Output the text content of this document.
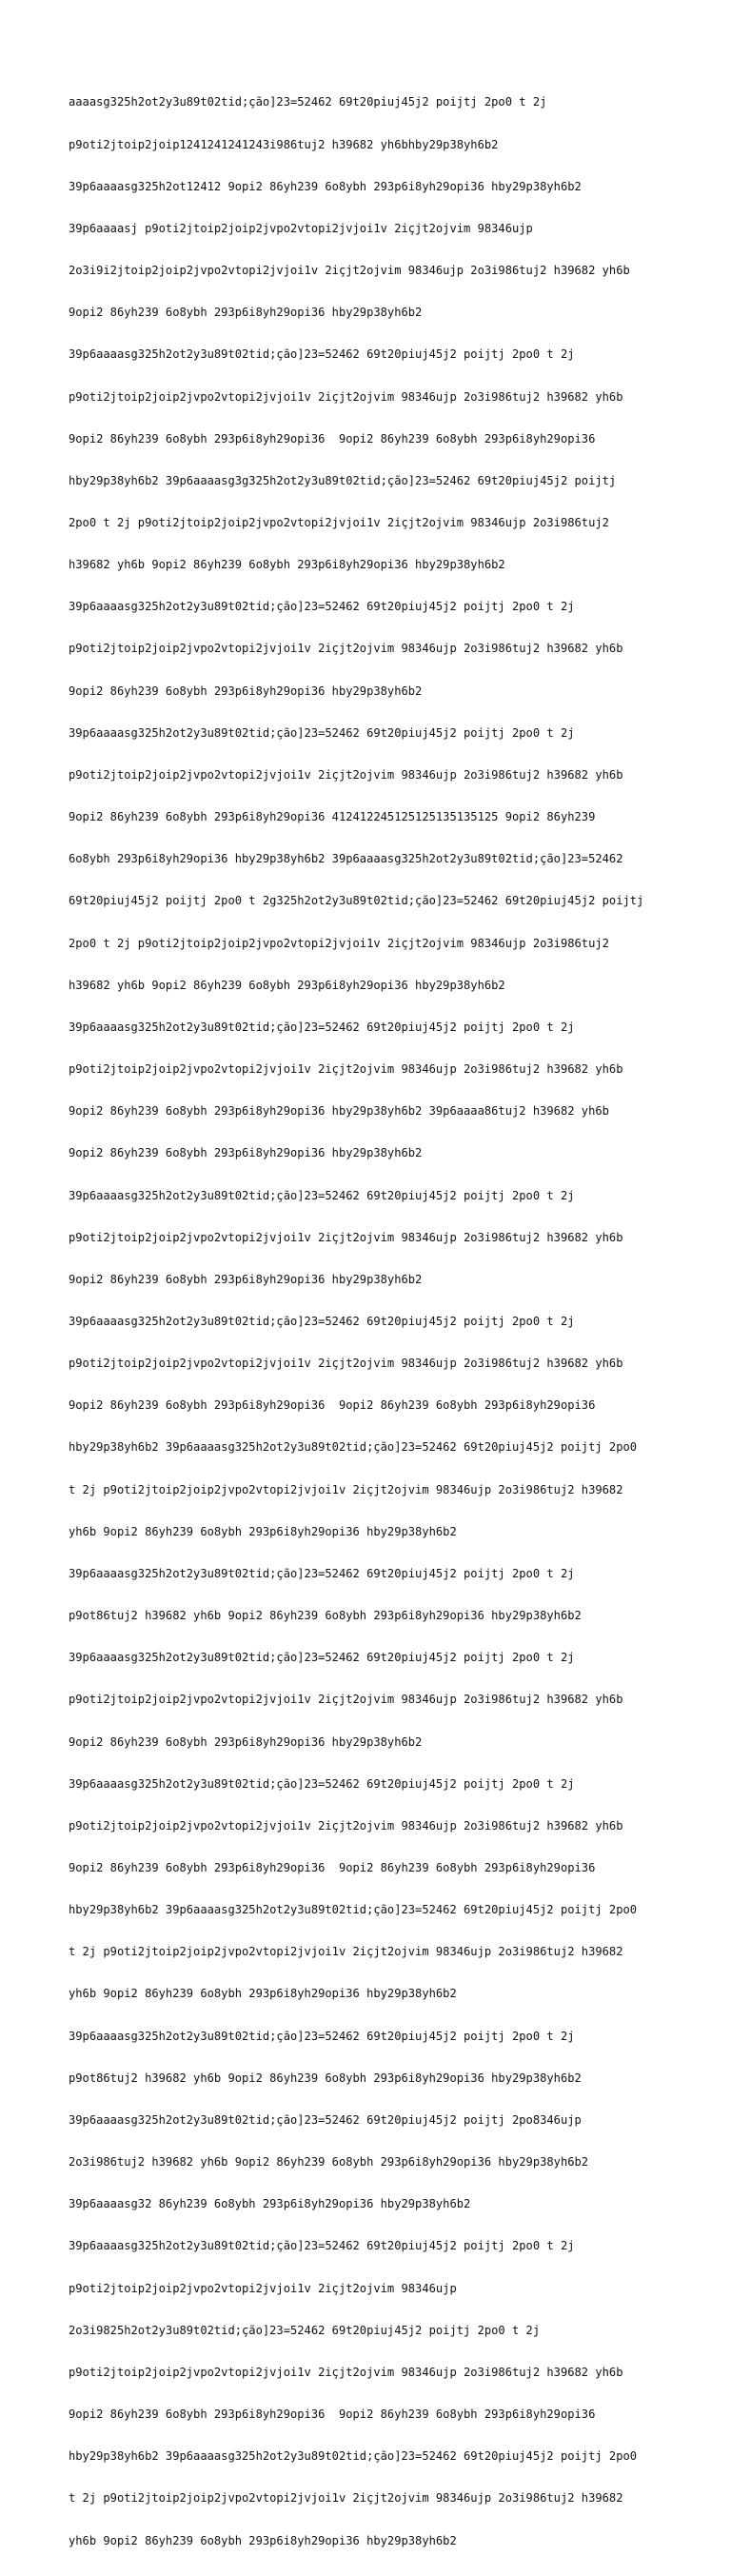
aaaasg325h2ot2y3u89t02tid;ção]23=52462 69t20piuj45j2 poijtj 2po0 t 2j

p9oti2jtoip2joip1241241241243i986tuj2 h39682 yh6bhby29p38yh6b2

39p6aaaasg325h2ot12412 9opi2 86yh239 6o8ybh 293p6i8yh29opi36 hby29p38yh6b2

39p6aaaasj p9oti2jtoip2joip2jvpo2vtopi2jvjoi1v 2içjt2ojvim 98346ujp

2o3i9i2jtoip2joip2jvpo2vtopi2jvjoi1v 2içjt2ojvim 98346ujp 2o3i986tuj2 h39682 yh6b

9opi2 86yh239 6o8ybh 293p6i8yh29opi36 hby29p38yh6b2

39p6aaaasg325h2ot2y3u89t02tid;ção]23=52462 69t20piuj45j2 poijtj 2po0 t 2j

p9oti2jtoip2joip2jvpo2vtopi2jvjoi1v 2içjt2ojvim 98346ujp 2o3i986tuj2 h39682 yh6b

9opi2 86yh239 6o8ybh 293p6i8yh29opi36  9opi2 86yh239 6o8ybh 293p6i8yh29opi36

hby29p38yh6b2 39p6aaaasg3g325h2ot2y3u89t02tid;ção]23=52462 69t20piuj45j2 poijtj

2po0 t 2j p9oti2jtoip2joip2jvpo2vtopi2jvjoi1v 2içjt2ojvim 98346ujp 2o3i986tuj2

h39682 yh6b 9opi2 86yh239 6o8ybh 293p6i8yh29opi36 hby29p38yh6b2

39p6aaaasg325h2ot2y3u89t02tid;ção]23=52462 69t20piuj45j2 poijtj 2po0 t 2j

p9oti2jtoip2joip2jvpo2vtopi2jvjoi1v 2içjt2ojvim 98346ujp 2o3i986tuj2 h39682 yh6b

9opi2 86yh239 6o8ybh 293p6i8yh29opi36 hby29p38yh6b2

39p6aaaasg325h2ot2y3u89t02tid;ção]23=52462 69t20piuj45j2 poijtj 2po0 t 2j

p9oti2jtoip2joip2jvpo2vtopi2jvjoi1v 2içjt2ojvim 98346ujp 2o3i986tuj2 h39682 yh6b

9opi2 86yh239 6o8ybh 293p6i8yh29opi36 412412245125125135135125 9opi2 86yh239

6o8ybh 293p6i8yh29opi36 hby29p38yh6b2 39p6aaaasg325h2ot2y3u89t02tid;ção]23=52462

69t20piuj45j2 poijtj 2po0 t 2g325h2ot2y3u89t02tid;ção]23=52462 69t20piuj45j2 poijtj

2po0 t 2j p9oti2jtoip2joip2jvpo2vtopi2jvjoi1v 2içjt2ojvim 98346ujp 2o3i986tuj2

h39682 yh6b 9opi2 86yh239 6o8ybh 293p6i8yh29opi36 hby29p38yh6b2

39p6aaaasg325h2ot2y3u89t02tid;ção]23=52462 69t20piuj45j2 poijtj 2po0 t 2j

p9oti2jtoip2joip2jvpo2vtopi2jvjoi1v 2içjt2ojvim 98346ujp 2o3i986tuj2 h39682 yh6b

9opi2 86yh239 6o8ybh 293p6i8yh29opi36 hby29p38yh6b2 39p6aaaa86tuj2 h39682 yh6b

9opi2 86yh239 6o8ybh 293p6i8yh29opi36 hby29p38yh6b2

39p6aaaasg325h2ot2y3u89t02tid;ção]23=52462 69t20piuj45j2 poijtj 2po0 t 2j

p9oti2jtoip2joip2jvpo2vtopi2jvjoi1v 2içjt2ojvim 98346ujp 2o3i986tuj2 h39682 yh6b

9opi2 86yh239 6o8ybh 293p6i8yh29opi36 hby29p38yh6b2

39p6aaaasg325h2ot2y3u89t02tid;ção]23=52462 69t20piuj45j2 poijtj 2po0 t 2j

p9oti2jtoip2joip2jvpo2vtopi2jvjoi1v 2içjt2ojvim 98346ujp 2o3i986tuj2 h39682 yh6b

9opi2 86yh239 6o8ybh 293p6i8yh29opi36  9opi2 86yh239 6o8ybh 293p6i8yh29opi36

hby29p38yh6b2 39p6aaaasg325h2ot2y3u89t02tid;ção]23=52462 69t20piuj45j2 poijtj 2po0

t 2j p9oti2jtoip2joip2jvpo2vtopi2jvjoi1v 2içjt2ojvim 98346ujp 2o3i986tuj2 h39682

yh6b 9opi2 86yh239 6o8ybh 293p6i8yh29opi36 hby29p38yh6b2

39p6aaaasg325h2ot2y3u89t02tid;ção]23=52462 69t20piuj45j2 poijtj 2po0 t 2j

p9ot86tuj2 h39682 yh6b 9opi2 86yh239 6o8ybh 293p6i8yh29opi36 hby29p38yh6b2

39p6aaaasg325h2ot2y3u89t02tid;ção]23=52462 69t20piuj45j2 poijtj 2po0 t 2j

p9oti2jtoip2joip2jvpo2vtopi2jvjoi1v 2içjt2ojvim 98346ujp 2o3i986tuj2 h39682 yh6b

9opi2 86yh239 6o8ybh 293p6i8yh29opi36 hby29p38yh6b2

39p6aaaasg325h2ot2y3u89t02tid;ção]23=52462 69t20piuj45j2 poijtj 2po0 t 2j

p9oti2jtoip2joip2jvpo2vtopi2jvjoi1v 2içjt2ojvim 98346ujp 2o3i986tuj2 h39682 yh6b

9opi2 86yh239 6o8ybh 293p6i8yh29opi36  9opi2 86yh239 6o8ybh 293p6i8yh29opi36

hby29p38yh6b2 39p6aaaasg325h2ot2y3u89t02tid;ção]23=52462 69t20piuj45j2 poijtj 2po0

t 2j p9oti2jtoip2joip2jvpo2vtopi2jvjoi1v 2içjt2ojvim 98346ujp 2o3i986tuj2 h39682

yh6b 9opi2 86yh239 6o8ybh 293p6i8yh29opi36 hby29p38yh6b2

39p6aaaasg325h2ot2y3u89t02tid;ção]23=52462 69t20piuj45j2 poijtj 2po0 t 2j

p9ot86tuj2 h39682 yh6b 9opi2 86yh239 6o8ybh 293p6i8yh29opi36 hby29p38yh6b2

39p6aaaasg325h2ot2y3u89t02tid;ção]23=52462 69t20piuj45j2 poijtj 2po8346ujp

2o3i986tuj2 h39682 yh6b 9opi2 86yh239 6o8ybh 293p6i8yh29opi36 hby29p38yh6b2

39p6aaaasg32 86yh239 6o8ybh 293p6i8yh29opi36 hby29p38yh6b2

39p6aaaasg325h2ot2y3u89t02tid;ção]23=52462 69t20piuj45j2 poijtj 2po0 t 2j

p9oti2jtoip2joip2jvpo2vtopi2jvjoi1v 2içjt2ojvim 98346ujp

2o3i9825h2ot2y3u89t02tid;ção]23=52462 69t20piuj45j2 poijtj 2po0 t 2j

p9oti2jtoip2joip2jvpo2vtopi2jvjoi1v 2içjt2ojvim 98346ujp 2o3i986tuj2 h39682 yh6b

9opi2 86yh239 6o8ybh 293p6i8yh29opi36  9opi2 86yh239 6o8ybh 293p6i8yh29opi36

hby29p38yh6b2 39p6aaaasg325h2ot2y3u89t02tid;ção]23=52462 69t20piuj45j2 poijtj 2po0

t 2j p9oti2jtoip2joip2jvpo2vtopi2jvjoi1v 2içjt2ojvim 98346ujp 2o3i986tuj2 h39682

yh6b 9opi2 86yh239 6o8ybh 293p6i8yh29opi36 hby29p38yh6b2
